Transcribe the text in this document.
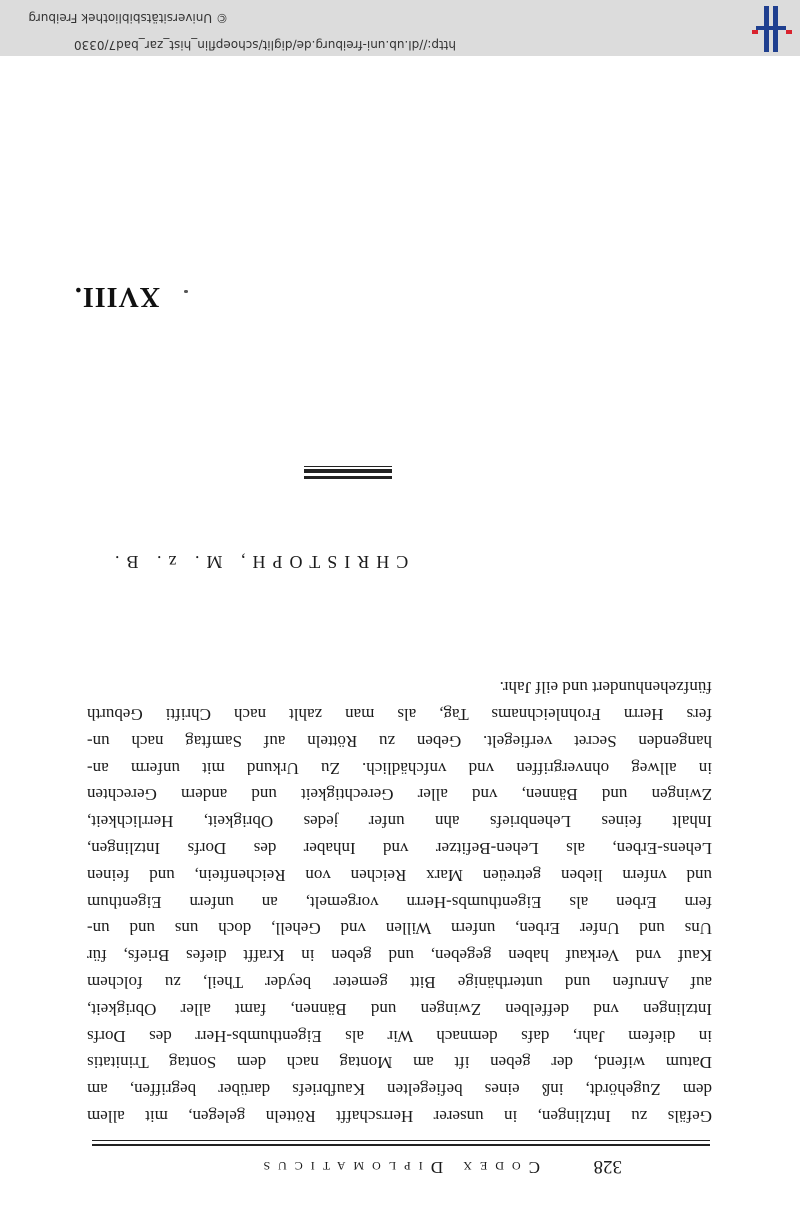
328
Codex Diplomaticus
Gefäls zu Intzlingen, in unserer Herrschafft Rötteln gelegen, mit allem
dem Zugehördt, inß eines befiegelten Kaufbriefs darüber begriffen, am
Datum wifend, der geben ift am Montag nach dem Sontag Trinitatis
in diefem Jahr, dafs demnach Wir als Eigenthumbs-Herr des Dorfs
Intzlingen vnd deffelben Zwingen und Bännen, famt aller Obrigkeit,
auf Anrufen und unterthänige Bitt gemeter beyder Theil, zu folchem
Kauf vnd Verkauf haben gegeben, und geben in Krafft diefes Briefs, für
Uns und Unfer Erben, unfern Willen vnd Gehell, doch uns und un-
fern Erben als Eigenthumbs-Herrn vorgemelt, an unfern Eigenthum
und vnfern lieben getreüen Marx Reichen von Reichenftein, und feinen
Lehens-Erben, als Lehen-Befitzer vnd Inhaber des Dorfs Intzlingen,
Inhalt feines Lehenbriefs ahn unfer jedes Obrigkeit, Herrlichkeit,
Zwingen und Bännen, vnd aller Gerechtigkeit und andern Gerechten
in allweg ohnvergriffen vnd vnfchädlich. Zu Urkund mit unferm an-
hangenden Secret verfiegelt. Geben zu Rötteln auf Samftag nach un-
fers Herrn Frohnleichnams Tag, als man zahlt nach Chrifti Geburth
fünfzehenhundert und eilf Jahr.
CHRISTOPH, M. z. B.
XVIII.
http://dl.ub.uni-freiburg.de/diglit/schoepflin_hist_zar_bad7/0330
© Universitätsbibliothek Freiburg
